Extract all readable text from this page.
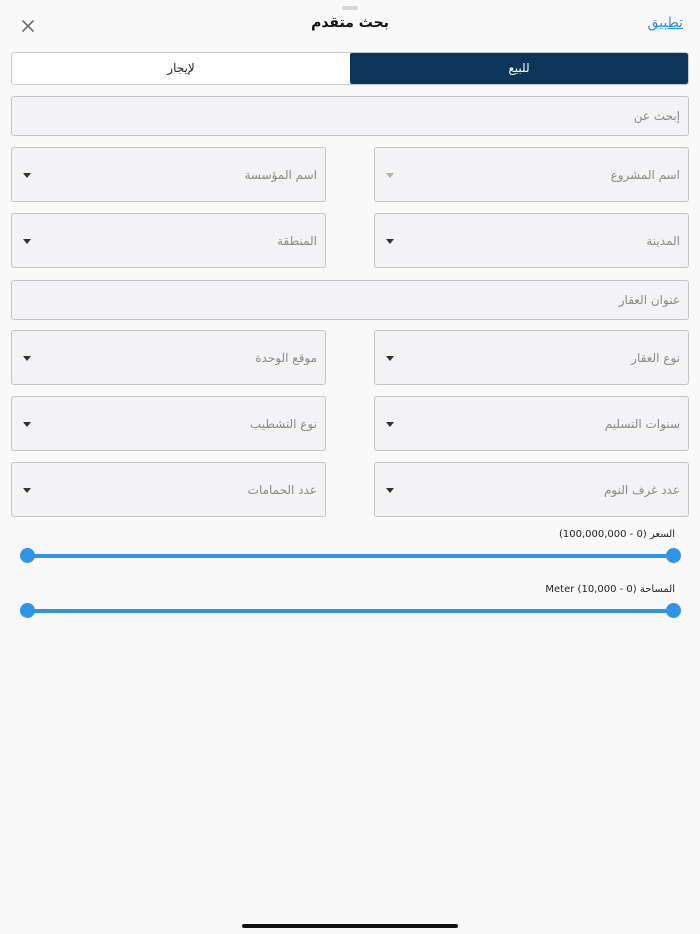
بحث متقدم	تطبيق
لإيجار	للبيع
إبحث عن
اسم المشروع
اسم المؤسسة
المدينة
المنطقة
عنوان العقار
نوع العقار
موقع الوحدة
سنوات التسليم
نوع التشطيب
عدد غرف النوم
عدد الحمامات
السعر (0 - 100,000,000)
المساحة (0 - 10,000) Meter
